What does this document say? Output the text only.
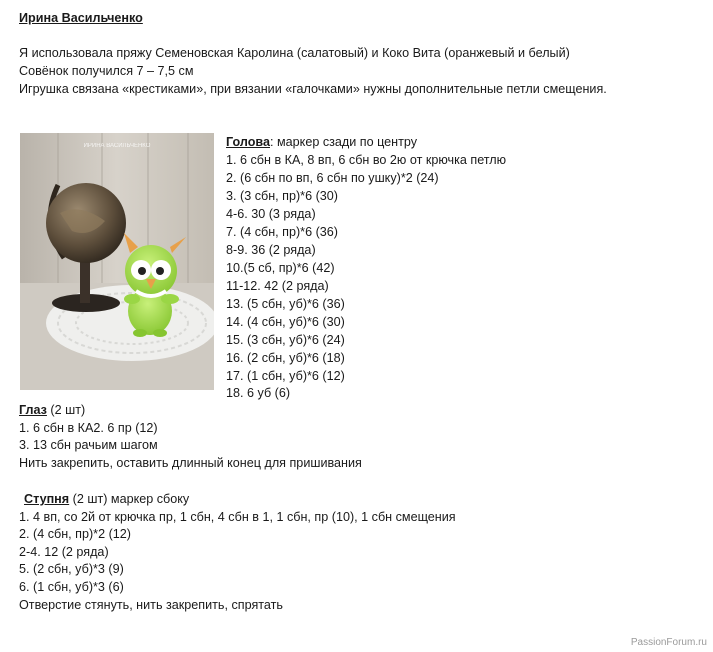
Ирина Васильченко
Я использовала пряжу Семеновская Каролина (салатовый) и Коко Вита (оранжевый и белый)
Совёнок получился 7 – 7,5 см
Игрушка связана «крестиками», при вязании «галочками» нужны дополнительные петли смещения.
ИРИНА ВАСИЛЬЧЕНКО	Голова: маркер сзади по центру
1. 6 сбн в КА, 8 вп, 6 сбн во 2ю от крючка петлю
2. (6 сбн по вп, 6 сбн по ушку)*2 (24)
3. (3 сбн, пр)*6 (30)
4-6. 30 (3 ряда)
7. (4 сбн, пр)*6 (36)
8-9. 36 (2 ряда)
10.(5 сб, пр)*6 (42)
11-12. 42 (2 ряда)
13. (5 сбн, уб)*6 (36)
14. (4 сбн, уб)*6 (30)
15. (3 сбн, уб)*6 (24)
16. (2 сбн, уб)*6 (18)
17. (1 сбн, уб)*6 (12)
18. 6 уб (6)
Глаз (2 шт)
1. 6 сбн в КА2. 6 пр (12)
3. 13 сбн рачьим шагом
Нить закрепить, оставить длинный конец для пришивания
Ступня (2 шт) маркер сбоку
1. 4 вп, со 2й от крючка пр, 1 сбн, 4 сбн в 1, 1 сбн, пр (10), 1 сбн смещения
2. (4 сбн, пр)*2 (12)
2-4. 12 (2 ряда)
5. (2 сбн, уб)*3 (9)
6. (1 сбн, уб)*3 (6)
Отверстие стянуть, нить закрепить, спрятать
PassionForum.ru
